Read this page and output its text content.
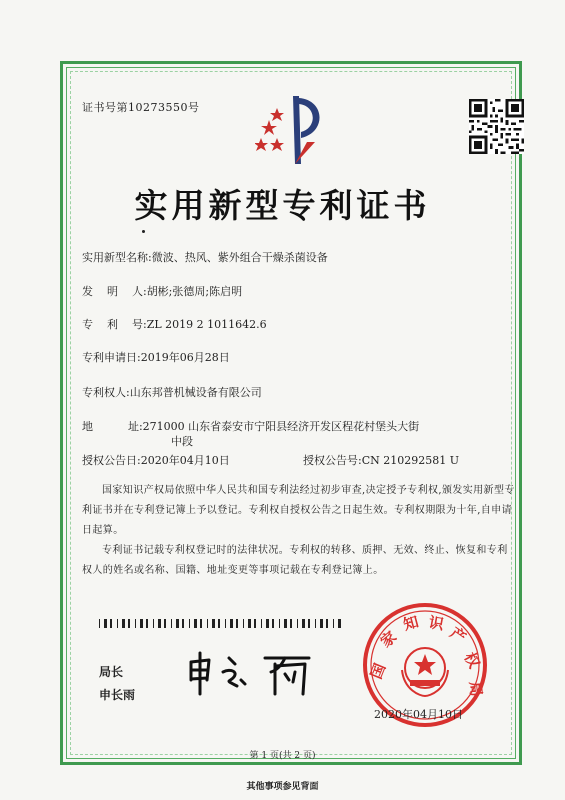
证书号第10273550号
实用新型专利证书
实用新型名称:微波、热风、紫外组合干燥杀菌设备
发    明    人:胡彬;张德周;陈启明
专    利    号:ZL 2019 2 1011642.6
专利申请日:2019年06月28日
专利权人:山东邦普机械设备有限公司
地          址:271000 山东省泰安市宁阳县经济开发区程花村堡头大街
中段
授权公告日:2020年04月10日	授权公告号:CN 210292581 U

国家知识产权局依照中华人民共和国专利法经过初步审查,决定授予专利权,颁发实用新型专利证书并在专利登记簿上予以登记。专利权自授权公告之日起生效。专利权期限为十年,自申请日起算。

专利证书记载专利权登记时的法律状况。专利权的转移、质押、无效、终止、恢复和专利权人的姓名或名称、国籍、地址变更等事项记载在专利登记簿上。

局长
申长雨
国
家
知 识
产
权
局
2020年04月10日
第 1 页(共 2 页)
其他事项参见背面
